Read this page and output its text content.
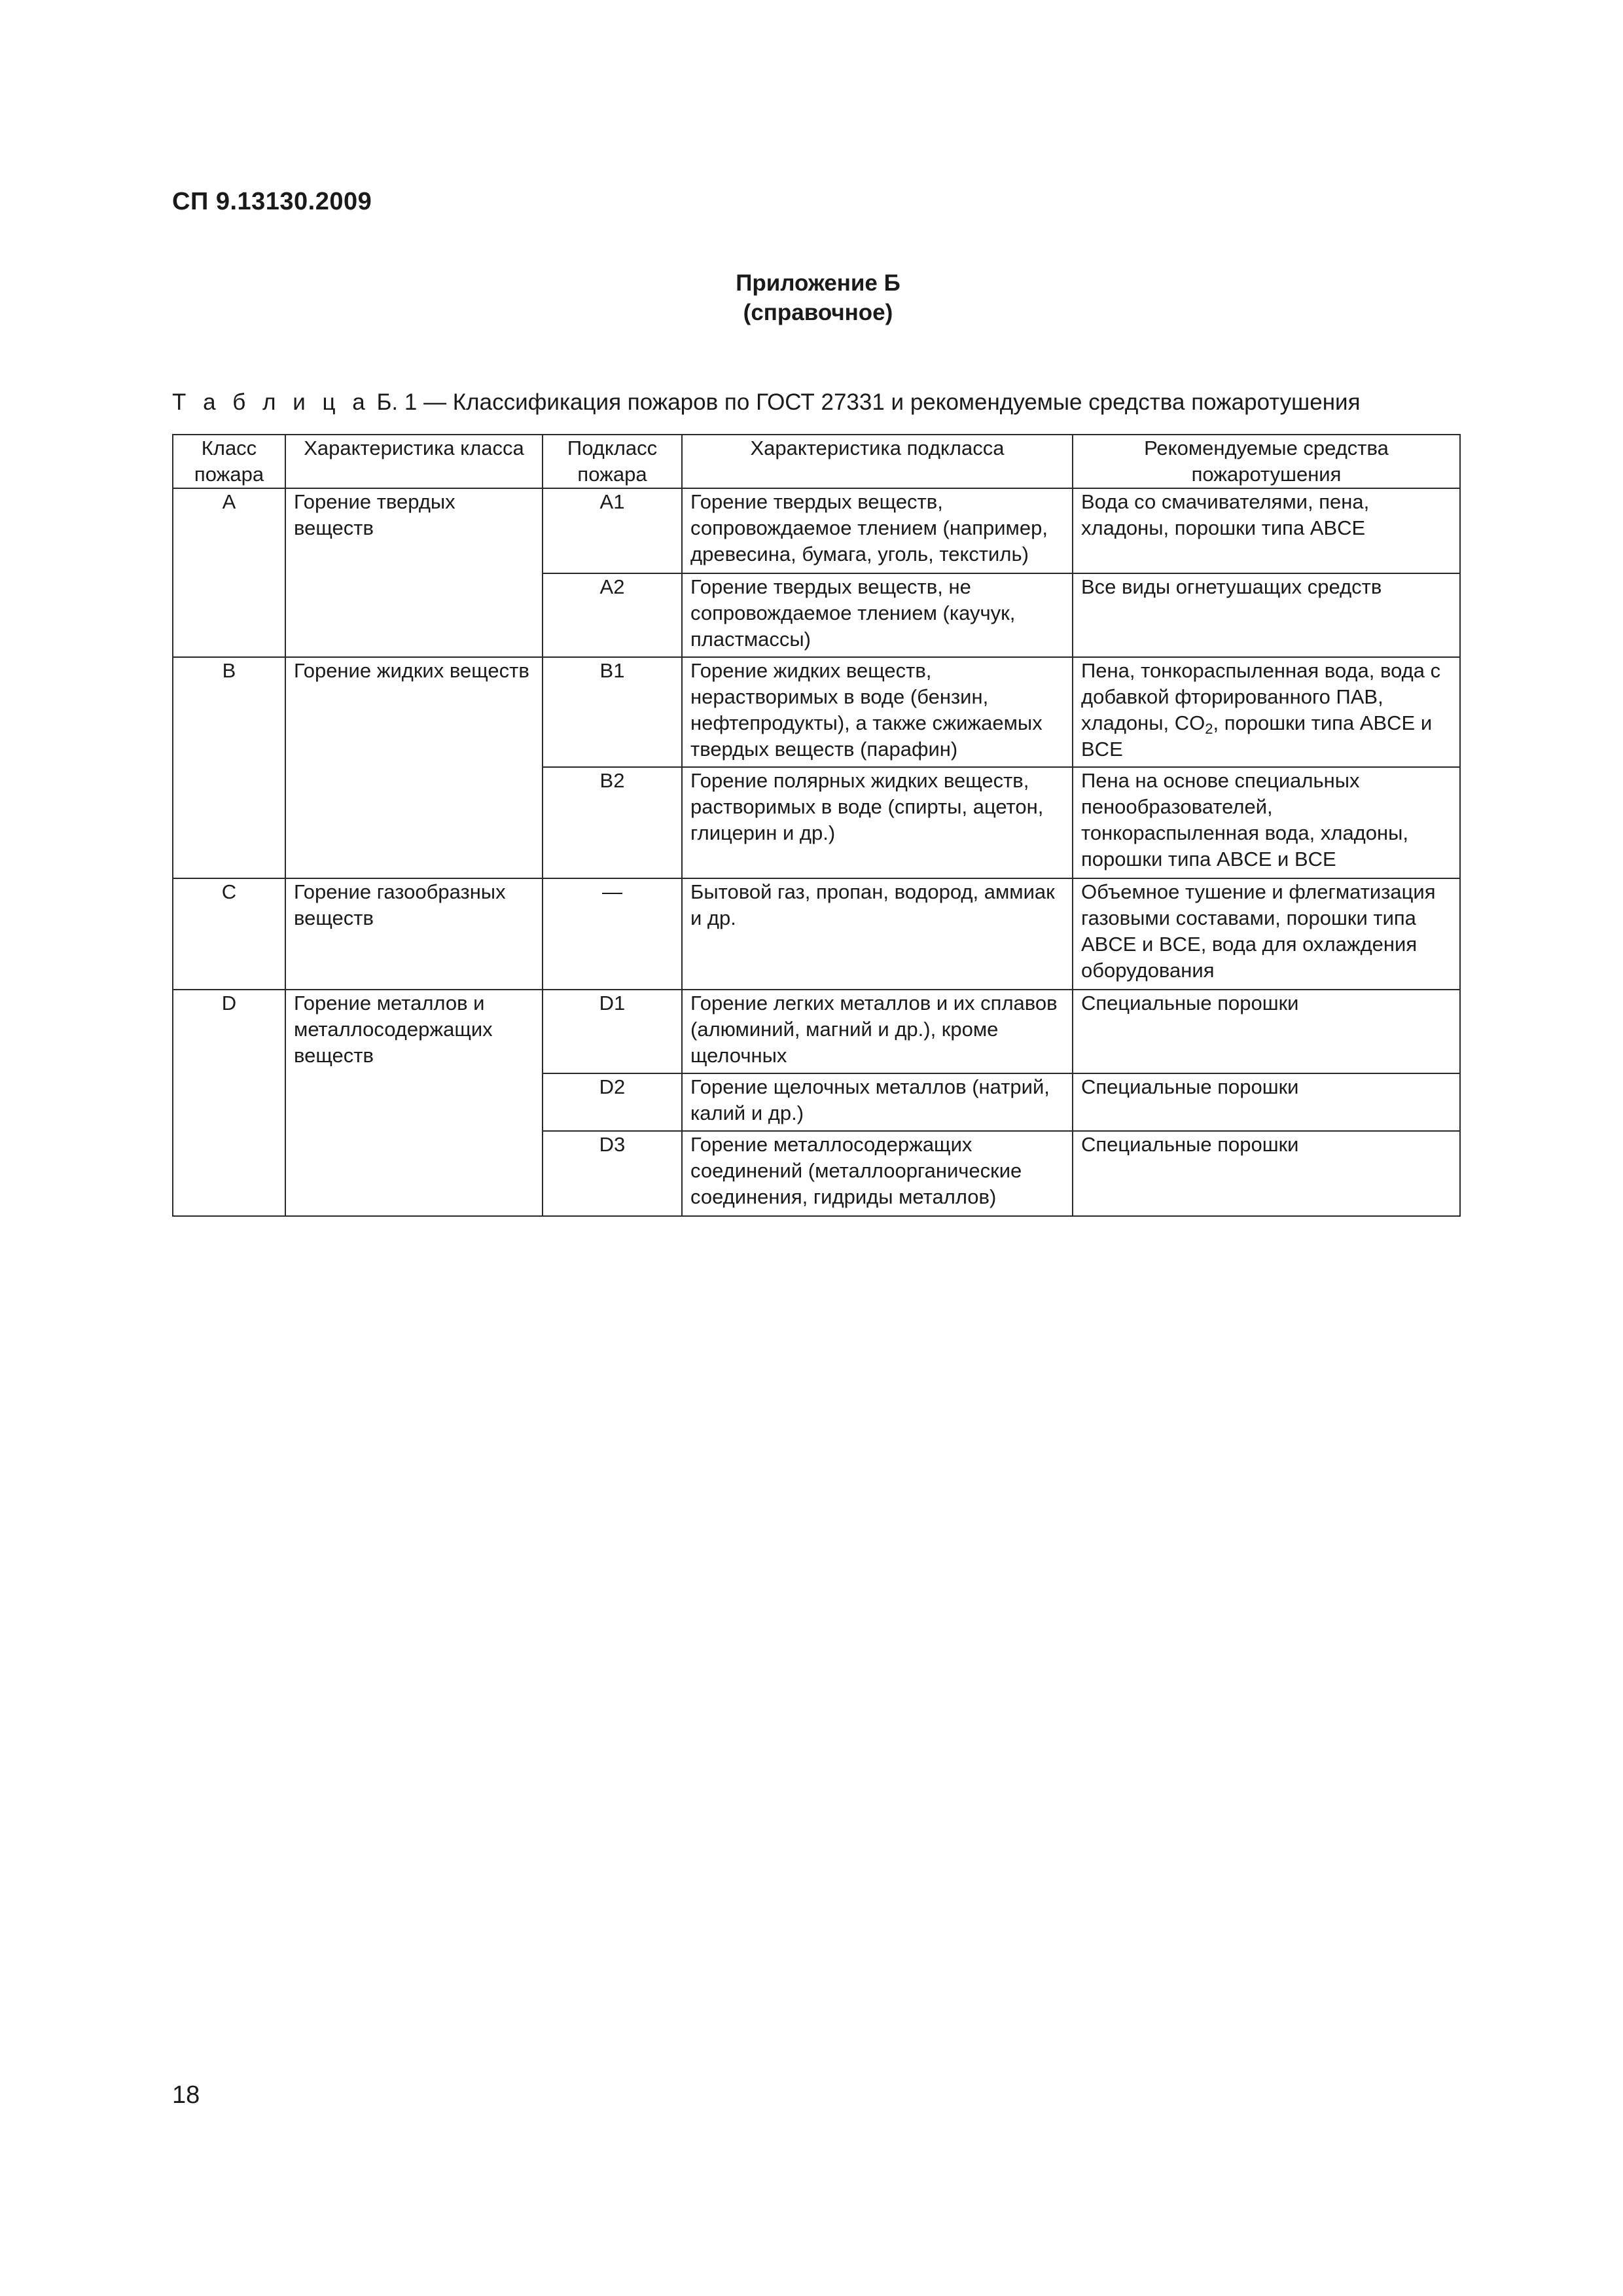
СП 9.13130.2009
Приложение Б
(справочное)
Т а б л и ц а Б. 1 — Классификация пожаров по ГОСТ 27331 и рекомендуемые средства пожаротушения
Класс пожара	Характеристика класса	Подкласс пожара	Характеристика подкласса	Рекомендуемые средства пожаротушения
A	Горение твердых веществ	A1	Горение твердых веществ, сопровождаемое тлением (например, древесина, бумага, уголь, текстиль)	Вода со смачивателями, пена, хладоны, порошки типа ABCE
		A2	Горение твердых веществ, не сопровождаемое тлением (каучук, пластмассы)	Все виды огнетушащих средств
B	Горение жидких веществ	B1	Горение жидких веществ, нерастворимых в воде (бензин, нефтепродукты), а также сжижаемых твердых веществ (парафин)	Пена, тонкораспыленная вода, вода с добавкой фторированного ПАВ, хладоны, $CO_2$, порошки типа ABCE и BCE
		B2	Горение полярных жидких веществ, растворимых в воде (спирты, ацетон, глицерин и др.)	Пена на основе специальных пенообразователей, тонкораспыленная вода, хладоны, порошки типа ABCE и BCE
C	Горение газообразных веществ	—	Бытовой газ, пропан, водород, аммиак и др.	Объемное тушение и флегматизация газовыми составами, порошки типа ABCE и BCE, вода для охлаждения оборудования
D	Горение металлов и металлосодержащих веществ	D1	Горение легких металлов и их сплавов (алюминий, магний и др.), кроме щелочных	Специальные порошки
		D2	Горение щелочных металлов (натрий, калий и др.)	Специальные порошки
		D3	Горение металлосодержащих соединений (металлоорганические соединения, гидриды металлов)	Специальные порошки
18
